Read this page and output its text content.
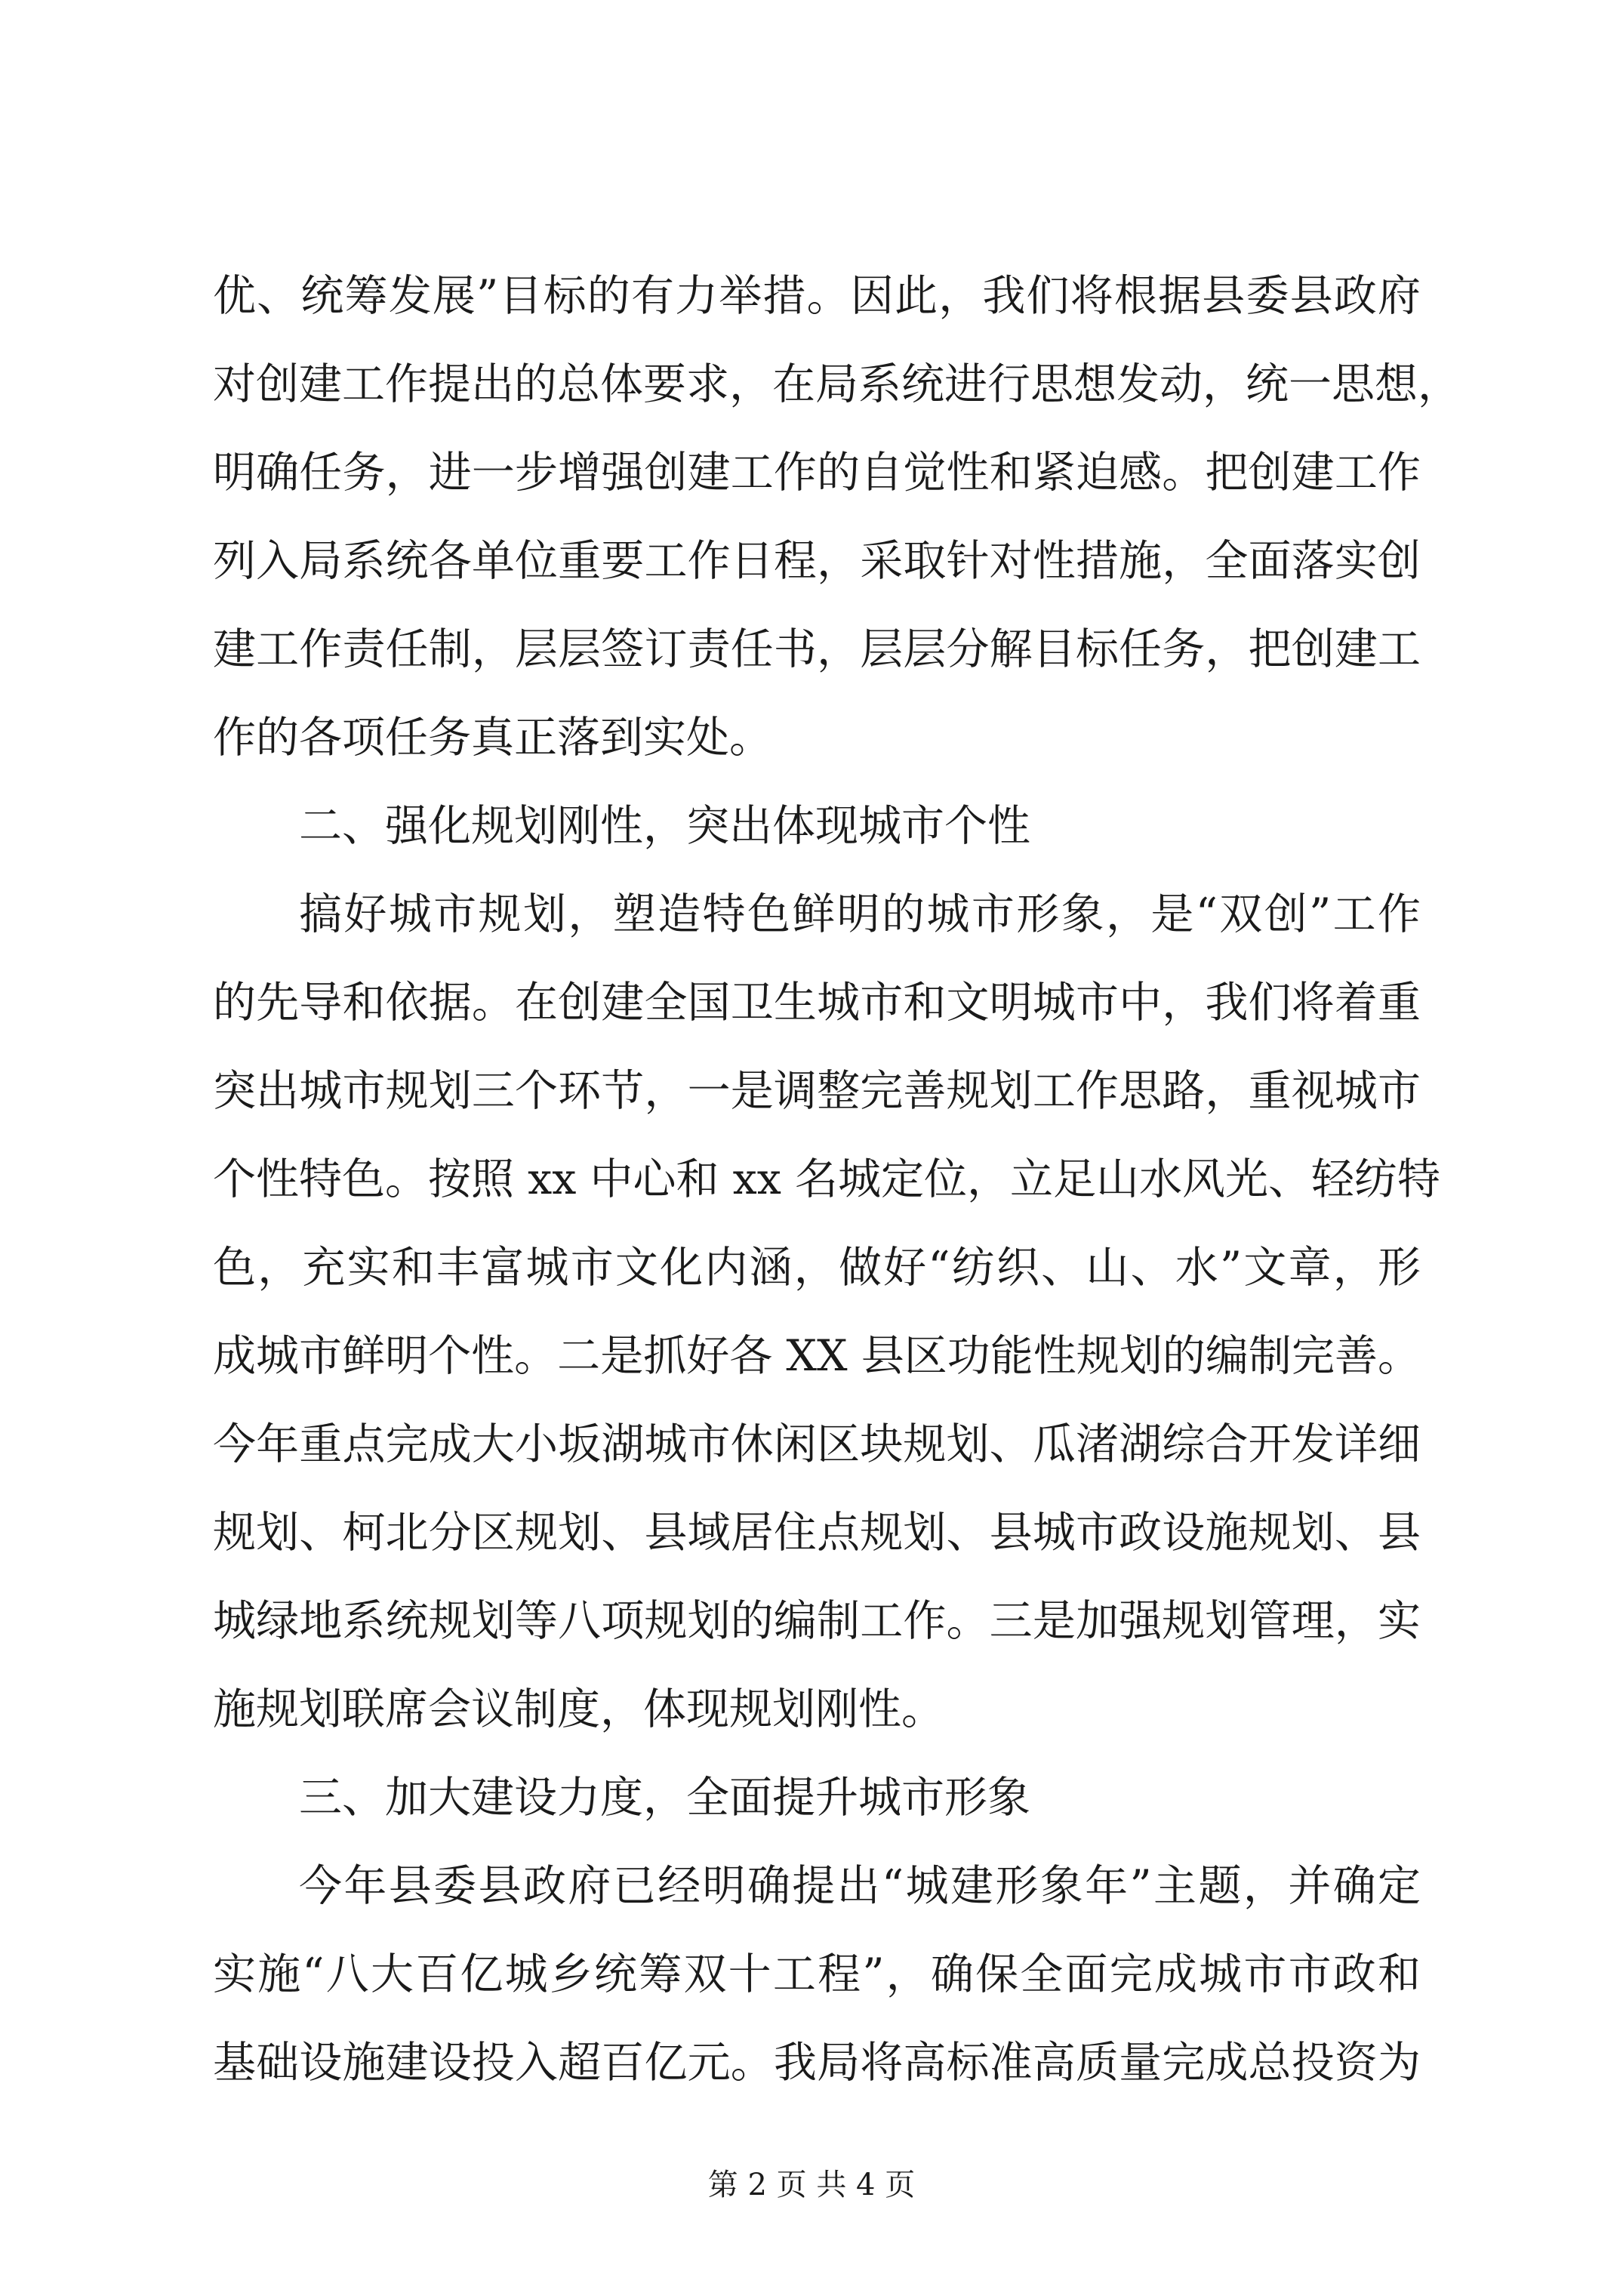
优、统筹发展”目标的有力举措。因此，我们将根据县委县政府
对创建工作提出的总体要求，在局系统进行思想发动，统一思想，
明确任务，进一步增强创建工作的自觉性和紧迫感。把创建工作
列入局系统各单位重要工作日程，采取针对性措施，全面落实创
建工作责任制，层层签订责任书，层层分解目标任务，把创建工
作的各项任务真正落到实处。
二、强化规划刚性，突出体现城市个性
搞好城市规划，塑造特色鲜明的城市形象，是“双创”工作
的先导和依据。在创建全国卫生城市和文明城市中，我们将着重
突出城市规划三个环节，一是调整完善规划工作思路，重视城市
个性特色。按照 xx 中心和 xx 名城定位，立足山水风光、轻纺特
色，充实和丰富城市文化内涵，做好“纺织、山、水”文章，形
成城市鲜明个性。二是抓好各 XX 县区功能性规划的编制完善。
今年重点完成大小坂湖城市休闲区块规划、瓜渚湖综合开发详细
规划、柯北分区规划、县域居住点规划、县城市政设施规划、县
城绿地系统规划等八项规划的编制工作。三是加强规划管理，实
施规划联席会议制度，体现规划刚性。
三、加大建设力度，全面提升城市形象
今年县委县政府已经明确提出“城建形象年”主题，并确定
实施“八大百亿城乡统筹双十工程”，确保全面完成城市市政和
基础设施建设投入超百亿元。我局将高标准高质量完成总投资为
第 2 页 共 4 页
